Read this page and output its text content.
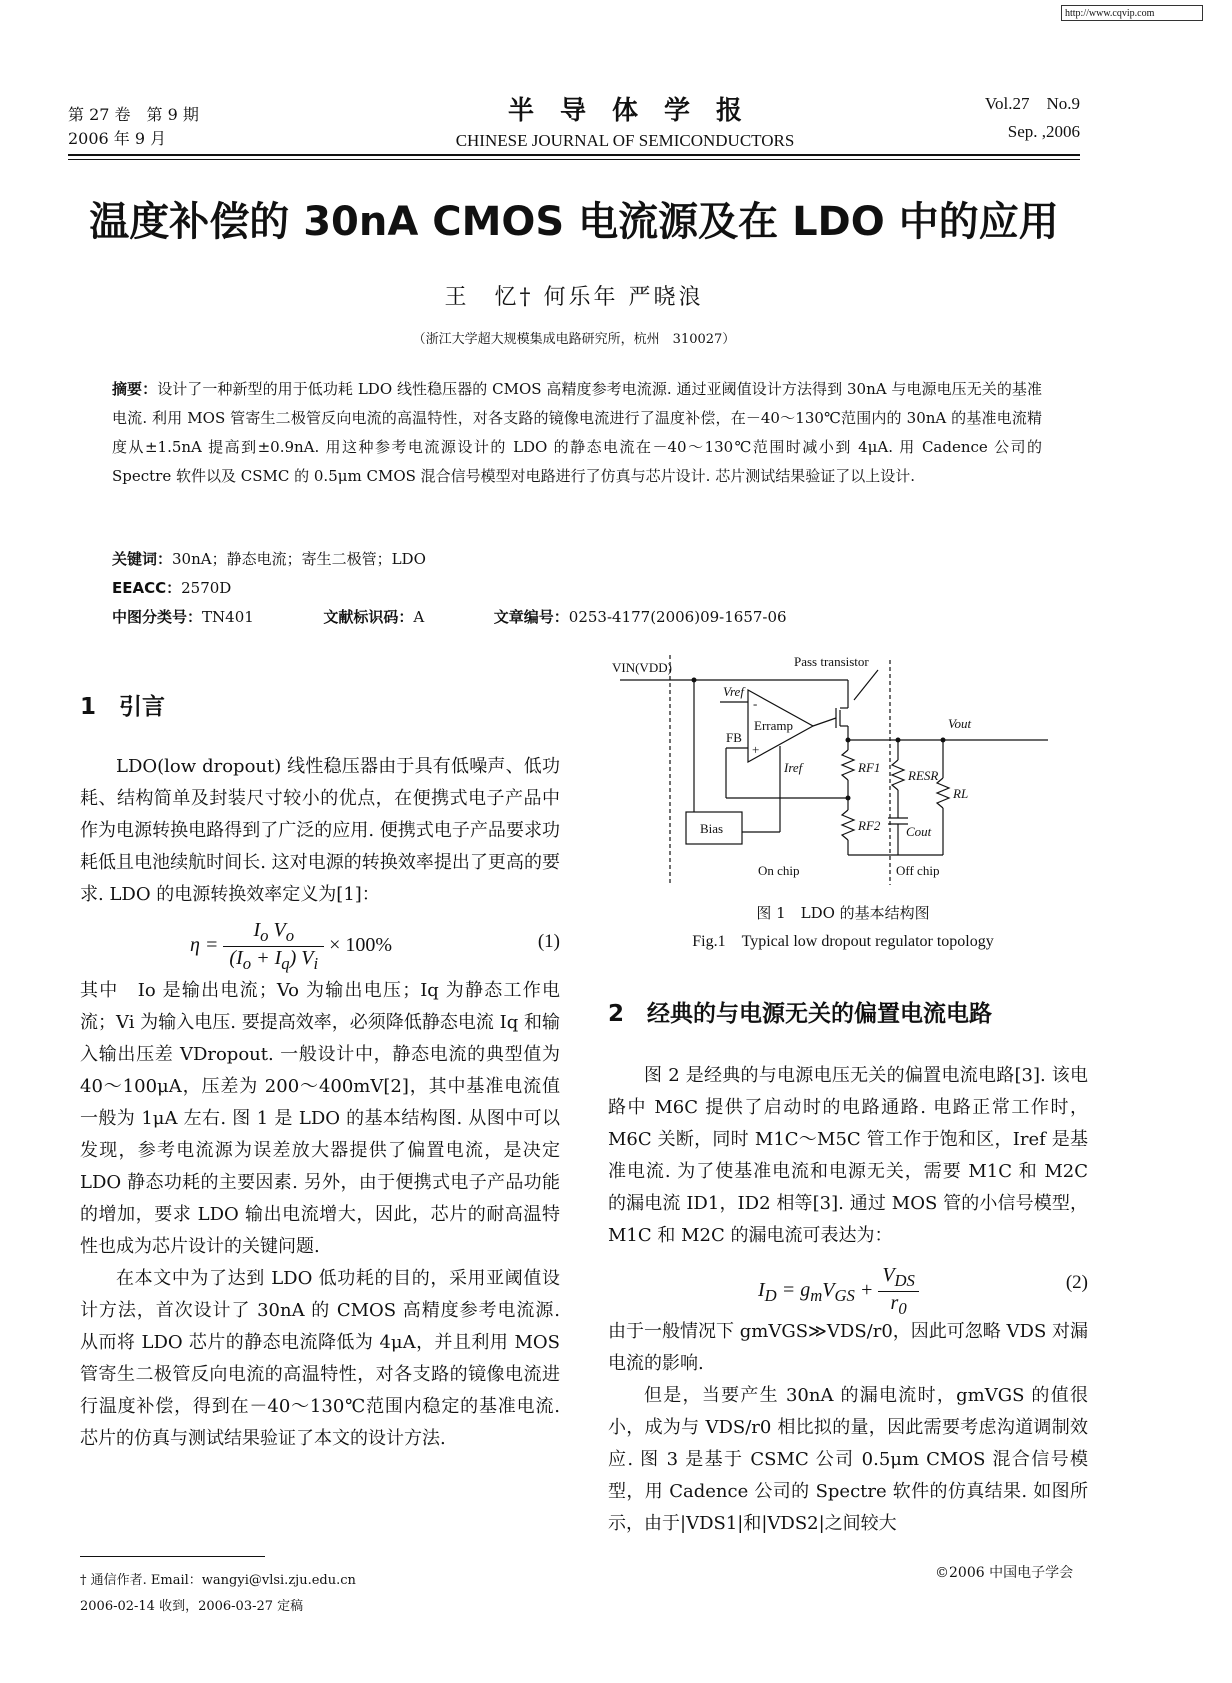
http://www.cqvip.com
第 27 卷　第 9 期
2006 年 9 月
半导体学报
CHINESE JOURNAL OF SEMICONDUCTORS
Vol.27　No.9
Sep. ,2006
温度补偿的 30nA CMOS 电流源及在 LDO 中的应用
王　忆† 何乐年 严晓浪
（浙江大学超大规模集成电路研究所，杭州　310027）
摘要：设计了一种新型的用于低功耗 LDO 线性稳压器的 CMOS 高精度参考电流源. 通过亚阈值设计方法得到 30nA 与电源电压无关的基准电流. 利用 MOS 管寄生二极管反向电流的高温特性，对各支路的镜像电流进行了温度补偿，在－40～130℃范围内的 30nA 的基准电流精度从±1.5nA 提高到±0.9nA. 用这种参考电流源设计的 LDO 的静态电流在－40～130℃范围时减小到 4μA. 用 Cadence 公司的 Spectre 软件以及 CSMC 的 0.5μm CMOS 混合信号模型对电路进行了仿真与芯片设计. 芯片测试结果验证了以上设计.
关键词：30nA；静态电流；寄生二极管；LDO
EEACC：2570D
中图分类号：TN401	文献标识码：A	文章编号：0253-4177(2006)09-1657-06
1　引言
LDO(low dropout) 线性稳压器由于具有低噪声、低功耗、结构简单及封装尺寸较小的优点，在便携式电子产品中作为电源转换电路得到了广泛的应用. 便携式电子产品要求功耗低且电池续航时间长. 这对电源的转换效率提出了更高的要求. LDO 的电源转换效率定义为[1]：
$\eta = \frac{I_o V_o}{(I_o + I_q) V_i} \times 100\%$	(1)
其中　Io 是输出电流；Vo 为输出电压；Iq 为静态工作电流；Vi 为输入电压. 要提高效率，必须降低静态电流 Iq 和输入输出压差 VDropout. 一般设计中，静态电流的典型值为 40～100μA，压差为 200～400mV[2]，其中基准电流值一般为 1μA 左右. 图 1 是 LDO 的基本结构图. 从图中可以发现，参考电流源为误差放大器提供了偏置电流，是决定 LDO 静态功耗的主要因素. 另外，由于便携式电子产品功能的增加，要求 LDO 输出电流增大，因此，芯片的耐高温特性也成为芯片设计的关键问题.
在本文中为了达到 LDO 低功耗的目的，采用亚阈值设计方法，首次设计了 30nA 的 CMOS 高精度参考电流源. 从而将 LDO 芯片的静态电流降低为 4μA，并且利用 MOS 管寄生二极管反向电流的高温特性，对各支路的镜像电流进行温度补偿，得到在－40～130℃范围内稳定的基准电流. 芯片的仿真与测试结果验证了本文的设计方法.
VIN(VDD)	Pass transistor
Vref
-
Erramp
FB
+
Iref	RF1
RF2
RESR
RL
Cout
Vout
Bias
On chip	Off chip
图 1　LDO 的基本结构图
Fig.1　Typical low dropout regulator topology
2　经典的与电源无关的偏置电流电路
图 2 是经典的与电源电压无关的偏置电流电路[3]. 该电路中 M6C 提供了启动时的电路通路. 电路正常工作时，M6C 关断，同时 M1C～M5C 管工作于饱和区，Iref 是基准电流. 为了使基准电流和电源无关，需要 M1C 和 M2C 的漏电流 ID1，ID2 相等[3]. 通过 MOS 管的小信号模型，M1C 和 M2C 的漏电流可表达为：
$I_D = g_mV_{GS}$ +
$V_{DS}$
$r_0$
(2)
由于一般情况下 gmVGS≫VDS/r0，因此可忽略 VDS 对漏电流的影响.
但是，当要产生 30nA 的漏电流时，gmVGS 的值很小，成为与 VDS/r0 相比拟的量，因此需要考虑沟道调制效应. 图 3 是基于 CSMC 公司 0.5μm CMOS 混合信号模型，用 Cadence 公司的 Spectre 软件的仿真结果. 如图所示，由于|VDS1|和|VDS2|之间较大
† 通信作者. Email：wangyi@vlsi.zju.edu.cn
2006-02-14 收到，2006-03-27 定稿
©2006 中国电子学会
